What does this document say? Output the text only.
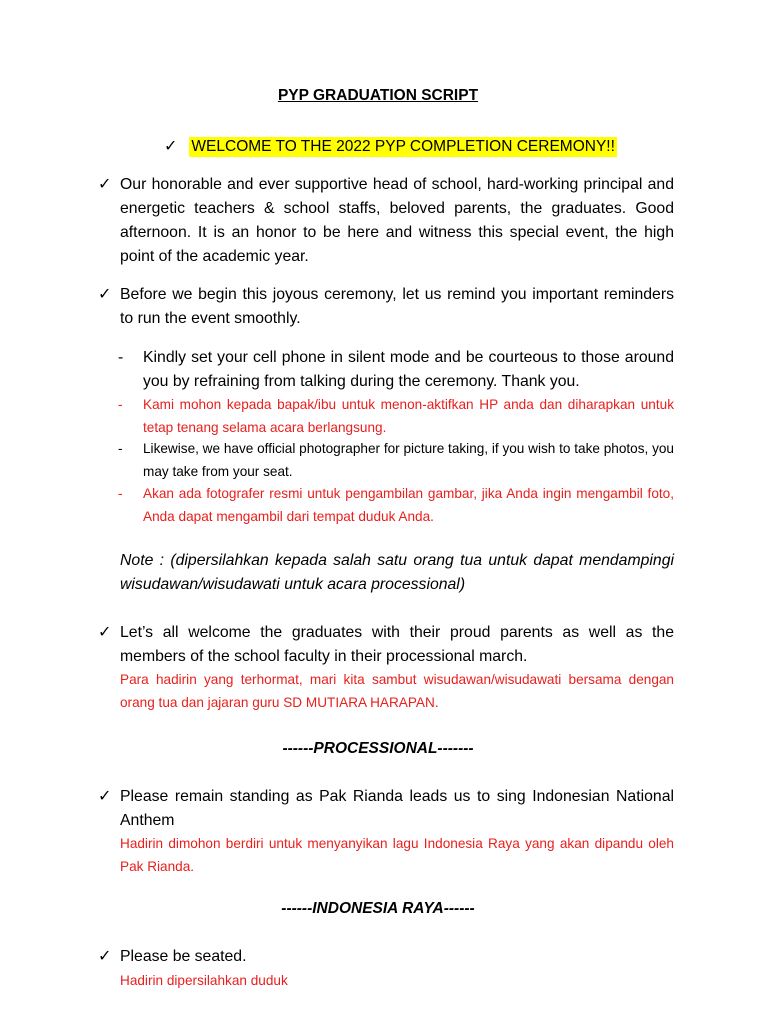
PYP GRADUATION SCRIPT
✓ WELCOME TO THE 2022 PYP COMPLETION CEREMONY!!
✓ Our honorable and ever supportive head of school, hard-working principal and energetic teachers & school staffs, beloved parents, the graduates. Good afternoon. It is an honor to be here and witness this special event, the high point of the academic year.
✓ Before we begin this joyous ceremony, let us remind you important reminders to run the event smoothly.
-	Kindly set your cell phone in silent mode and be courteous to those around you by refraining from talking during the ceremony. Thank you.
-	Kami mohon kepada bapak/ibu untuk menon-aktifkan HP anda dan diharapkan untuk tetap tenang selama acara berlangsung.
-	Likewise, we have official photographer for picture taking, if you wish to take photos, you may take from your seat.
-	Akan ada fotografer resmi untuk pengambilan gambar, jika Anda ingin mengambil foto, Anda dapat mengambil dari tempat duduk Anda.
Note : (dipersilahkan kepada salah satu orang tua untuk dapat mendampingi wisudawan/wisudawati untuk acara processional)
✓ Let’s all welcome the graduates with their proud parents as well as the members of the school faculty in their processional march.
Para hadirin yang terhormat, mari kita sambut wisudawan/wisudawati bersama dengan orang tua dan jajaran guru SD MUTIARA HARAPAN.
------PROCESSIONAL-------
✓ Please remain standing as Pak Rianda leads us to sing Indonesian National Anthem
Hadirin dimohon berdiri untuk menyanyikan lagu Indonesia Raya yang akan dipandu oleh Pak Rianda.
------INDONESIA RAYA------
✓ Please be seated.
Hadirin dipersilahkan duduk
